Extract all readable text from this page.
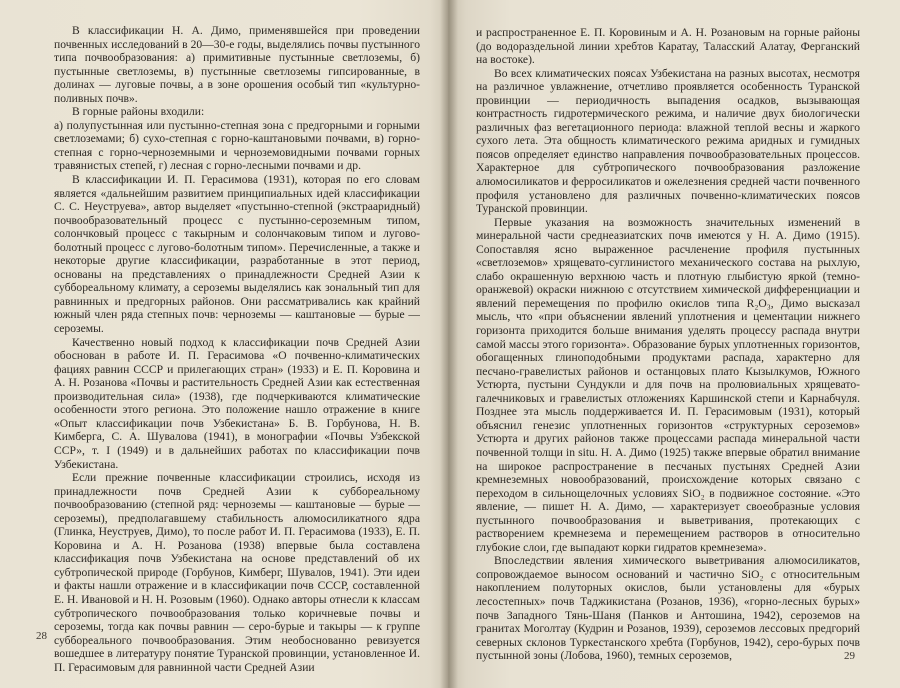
В классификации Н. А. Димо, применявшейся при проведении почвенных исследований в 20—30-е годы, выделялись почвы пустынного типа почвообразования: а) примитивные пустынные светлоземы, б) пустынные светлоземы, в) пустынные светлоземы гипсированные, в долинах — луговые почвы, а в зоне орошения особый тип «культурно-поливных почв».

В горные районы входили:

а) полупустынная или пустынно-степная зона с предгорными и горными светлоземами; б) сухо-степная с горно-каштановыми почвами, в) горно-степная с горно-черноземными и черноземовидными почвами горных травянистых степей, г) лесная с горно-лесными почвами и др.

В классификации И. П. Герасимова (1931), которая по его словам является «дальнейшим развитием принципиальных идей классификации С. С. Неуструева», автор выделяет «пустынно-степной (экстрааридный) почвообразовательный процесс с пустынно-сероземным типом, солончковый процесс с такырным и солончаковым типом и лугово-болотный процесс с лугово-болотным типом». Перечисленные, а также и некоторые другие классификации, разработанные в этот период, основаны на представлениях о принадлежности Средней Азии к суббореальному климату, а сероземы выделялись как зональный тип для равнинных и предгорных районов. Они рассматривались как крайний южный член ряда степных почв: черноземы — каштановые — бурые — сероземы.

Качественно новый подход к классификации почв Средней Азии обоснован в работе И. П. Герасимова «О почвенно-климатических фациях равнин СССР и прилегающих стран» (1933) и Е. П. Коровина и А. Н. Розанова «Почвы и растительность Средней Азии как естественная производительная сила» (1938), где подчеркиваются климатические особенности этого региона. Это положение нашло отражение в книге «Опыт классификации почв Узбекистана» Б. В. Горбунова, Н. В. Кимберга, С. А. Шувалова (1941), в монографии «Почвы Узбекской ССР», т. I (1949) и в дальнейших работах по классификации почв Узбекистана.

Если прежние почвенные классификации строились, исходя из принадлежности почв Средней Азии к суббореальному почвообразованию (степной ряд: черноземы — каштановые — бурые — сероземы), предполагавшему стабильность алюмосиликатного ядра (Глинка, Неуструев, Димо), то после работ И. П. Герасимова (1933), Е. П. Коровина и А. Н. Розанова (1938) впервые была составлена классификация почв Узбекистана на основе представлений об их субтропической природе (Горбунов, Кимберг, Шувалов, 1941). Эти идеи и факты нашли отражение и в классификации почв СССР, составленной Е. Н. Ивановой и Н. Н. Розовым (1960). Однако авторы отнесли к классам субтропического почвообразования только коричневые почвы и сероземы, тогда как почвы равнин — серо-бурые и такыры — к группе суббореального почвообразования. Этим необоснованно ревизуется вошедшее в литературу понятие Туранской провинции, установленное И. П. Герасимовым для равнинной части Средней Азии

28

и распространенное Е. П. Коровиным и А. Н. Розановым на горные районы (до водораздельной линии хребтов Каратау, Таласский Алатау, Ферганский на востоке).

Во всех климатических поясах Узбекистана на разных высотах, несмотря на различное увлажнение, отчетливо проявляется особенность Туранской провинции — периодичность выпадения осадков, вызывающая контрастность гидротермического режима, и наличие двух биологически различных фаз вегетационного периода: влажной теплой весны и жаркого сухого лета. Эта общность климатического режима аридных и гумидных поясов определяет единство направления почвообразовательных процессов. Характерное для субтропического почвообразования разложение алюмосиликатов и ферросиликатов и ожелезнения средней части почвенного профиля установлено для различных почвенно-климатических поясов Туранской провинции.

Первые указания на возможность значительных изменений в минеральной части среднеазиатских почв имеются у Н. А. Димо (1915). Сопоставляя ясно выраженное расчленение профиля пустынных «светлоземов» хрящевато-суглинистого механического состава на рыхлую, слабо окрашенную верхнюю часть и плотную глыбистую яркой (темно-оранжевой) окраски нижнюю с отсутствием химической дифференциации и явлений перемещения по профилю окислов типа R₂O₃, Димо высказал мысль, что «при объяснении явлений уплотнения и цементации нижнего горизонта приходится больше внимания уделять процессу распада внутри самой массы этого горизонта». Образование бурых уплотненных горизонтов, обогащенных глиноподобными продуктами распада, характерно для песчано-гравелистых районов и останцовых плато Кызылкумов, Южного Устюрта, пустыни Сундукли и для почв на пролювиальных хрящевато-галечниковых и гравелистых отложениях Каршинской степи и Карнабчуля. Позднее эта мысль поддерживается И. П. Герасимовым (1931), который объяснил генезис уплотненных горизонтов «структурных сероземов» Устюрта и других районов также процессами распада минеральной части почвенной толщи in situ. Н. А. Димо (1925) также впервые обратил внимание на широкое распространение в песчаных пустынях Средней Азии кремнеземных новообразований, происхождение которых связано с переходом в сильнощелочных условиях SiO₂ в подвижное состояние. «Это явление, — пишет Н. А. Димо, — характеризует своеобразные условия пустынного почвообразования и выветривания, протекающих с растворением кремнезема и перемещением растворов в относительно глубокие слои, где выпадают корки гидратов кремнезема».

Впоследствии явления химического выветривания алюмосиликатов, сопровождаемое выносом оснований и частично SiO₂ с относительным накоплением полуторных окислов, были установлены для «бурых лесостепных» почв Таджикистана (Розанов, 1936), «горно-лесных бурых» почв Западного Тянь-Шаня (Панков и Антошина, 1942), сероземов на гранитах Моголтау (Кудрин и Розанов, 1939), сероземов лессовых предгорий северных склонов Туркестанского хребта (Горбунов, 1942), серо-бурых почв пустынной зоны (Лобова, 1960), темных сероземов,	29
